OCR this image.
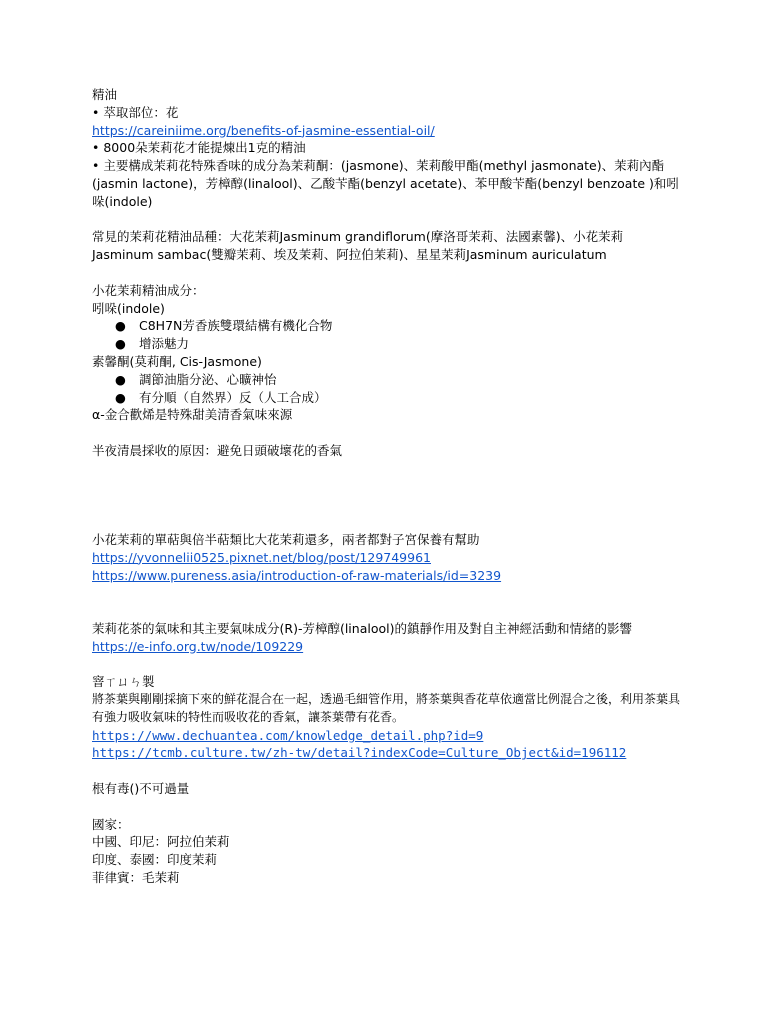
精油
• 萃取部位：花
https://careiniime.org/benefits-of-jasmine-essential-oil/
• 8000朵茉莉花才能提煉出1克的精油
• 主要構成茉莉花特殊香味的成分為茉莉酮：(jasmone)、茉莉酸甲酯(methyl jasmonate)、茉莉內酯(jasmin lactone)，芳樟醇(linalool)、乙酸苄酯(benzyl acetate)、苯甲酸苄酯(benzyl benzoate )和吲哚(indole)
常見的茉莉花精油品種：大花茉莉Jasminum grandiflorum(摩洛哥茉莉、法國素馨)、小花茉莉Jasminum sambac(雙瓣茉莉、埃及茉莉、阿拉伯茉莉)、星星茉莉Jasminum auriculatum
小花茉莉精油成分：
吲哚(indole)
● C8H7N芳香族雙環結構有機化合物
● 增添魅力
素馨酮(莫莉酮, Cis-Jasmone)
● 調節油脂分泌、心曠神怡
● 有分順（自然界）反（人工合成）
α-金合歡烯是特殊甜美清香氣味來源
半夜清晨採收的原因：避免日頭破壞花的香氣
小花茉莉的單萜與倍半萜類比大花茉莉還多，兩者都對子宮保養有幫助
https://yvonnelii0525.pixnet.net/blog/post/129749961
https://www.pureness.asia/introduction-of-raw-materials/id=3239
茉莉花茶的氣味和其主要氣味成分(R)-芳樟醇(linalool)的鎮靜作用及對自主神經活動和情緒的影響
https://e-info.org.tw/node/109229
窨ㄒㄩㄣ製
將茶葉與剛剛採摘下來的鮮花混合在一起，透過毛細管作用，將茶葉與香花草依適當比例混合之後，利用茶葉具有強力吸收氣味的特性而吸收花的香氣，讓茶葉帶有花香。
https://www.dechuantea.com/knowledge_detail.php?id=9
https://tcmb.culture.tw/zh-tw/detail?indexCode=Culture_Object&id=196112
根有毒()不可過量
國家：
中國、印尼：阿拉伯茉莉
印度、泰國：印度茉莉
菲律賓：毛茉莉
